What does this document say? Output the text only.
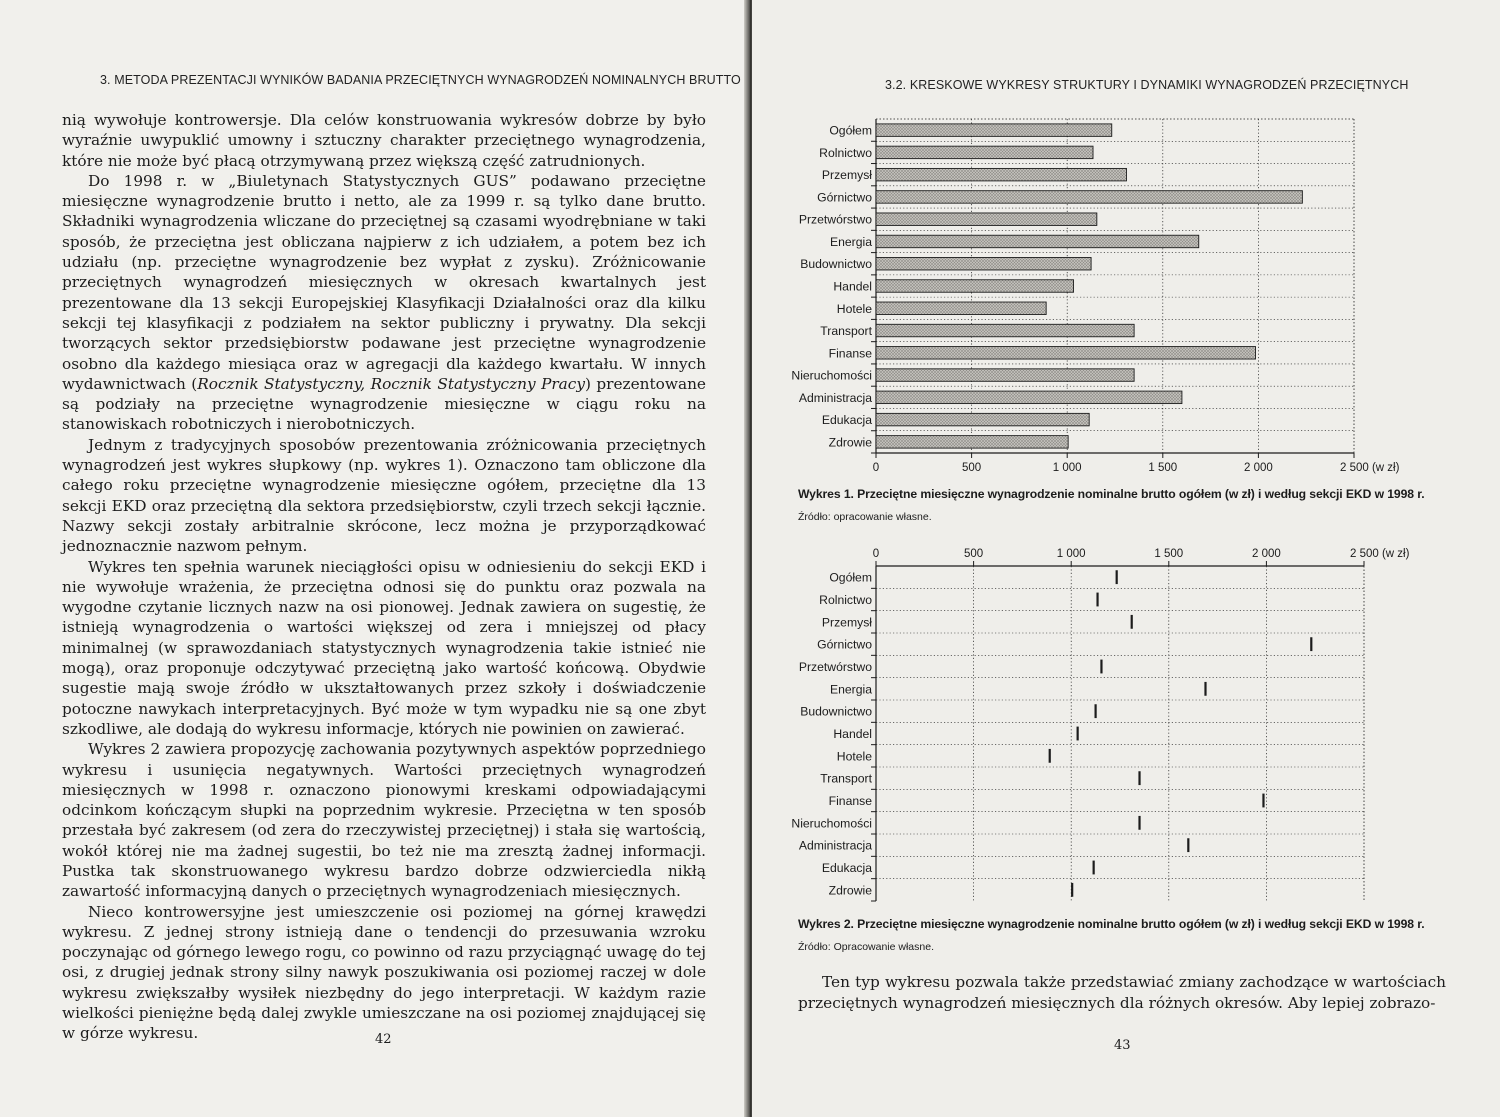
3. METODA PREZENTACJI WYNIKÓW BADANIA PRZECIĘTNYCH WYNAGRODZEŃ NOMINALNYCH BRUTTO

nią wywołuje kontrowersje. Dla celów konstruowania wykresów dobrze by było wyraźnie uwypuklić umowny i sztuczny charakter przeciętnego wynagrodzenia, które nie może być płacą otrzymywaną przez większą część zatrudnionych.

Do 1998 r. w „Biuletynach Statystycznych GUS” podawano przeciętne miesięczne wynagrodzenie brutto i netto, ale za 1999 r. są tylko dane brutto. Składniki wynagrodzenia wliczane do przeciętnej są czasami wyodrębniane w taki sposób, że przeciętna jest obliczana najpierw z ich udziałem, a potem bez ich udziału (np. przeciętne wynagrodzenie bez wypłat z zysku). Zróżnicowanie przeciętnych wynagrodzeń miesięcznych w okresach kwartalnych jest prezentowane dla 13 sekcji Europejskiej Klasyfikacji Działalności oraz dla kilku sekcji tej klasyfikacji z podziałem na sektor publiczny i prywatny. Dla sekcji tworzących sektor przedsiębiorstw podawane jest przeciętne wynagrodzenie osobno dla każdego miesiąca oraz w agregacji dla każdego kwartału. W innych wydawnictwach (Rocznik Statystyczny, Rocznik Statystyczny Pracy) prezentowane są podziały na przeciętne wynagrodzenie miesięczne w ciągu roku na stanowiskach robotniczych i nierobotniczych.

Jednym z tradycyjnych sposobów prezentowania zróżnicowania przeciętnych wynagrodzeń jest wykres słupkowy (np. wykres 1). Oznaczono tam obliczone dla całego roku przeciętne wynagrodzenie miesięczne ogółem, przeciętne dla 13 sekcji EKD oraz przeciętną dla sektora przedsiębiorstw, czyli trzech sekcji łącznie. Nazwy sekcji zostały arbitralnie skrócone, lecz można je przyporządkować jednoznacznie nazwom pełnym.

Wykres ten spełnia warunek nieciągłości opisu w odniesieniu do sekcji EKD i nie wywołuje wrażenia, że przeciętna odnosi się do punktu oraz pozwala na wygodne czytanie licznych nazw na osi pionowej. Jednak zawiera on sugestię, że istnieją wynagrodzenia o wartości większej od zera i mniejszej od płacy minimalnej (w sprawozdaniach statystycznych wynagrodzenia takie istnieć nie mogą), oraz proponuje odczytywać przeciętną jako wartość końcową. Obydwie sugestie mają swoje źródło w ukształtowanych przez szkoły i doświadczenie potoczne nawykach interpretacyjnych. Być może w tym wypadku nie są one zbyt szkodliwe, ale dodają do wykresu informacje, których nie powinien on zawierać.

Wykres 2 zawiera propozycję zachowania pozytywnych aspektów poprzedniego wykresu i usunięcia negatywnych. Wartości przeciętnych wynagrodzeń miesięcznych w 1998 r. oznaczono pionowymi kreskami odpowiadającymi odcinkom kończącym słupki na poprzednim wykresie. Przeciętna w ten sposób przestała być zakresem (od zera do rzeczywistej przeciętnej) i stała się wartością, wokół której nie ma żadnej sugestii, bo też nie ma zresztą żadnej informacji. Pustka tak skonstruowanego wykresu bardzo dobrze odzwierciedla nikłą zawartość informacyjną danych o przeciętnych wynagrodzeniach miesięcznych.

Nieco kontrowersyjne jest umieszczenie osi poziomej na górnej krawędzi wykresu. Z jednej strony istnieją dane o tendencji do przesuwania wzroku poczynając od górnego lewego rogu, co powinno od razu przyciągnąć uwagę do tej osi, z drugiej jednak strony silny nawyk poszukiwania osi poziomej raczej w dole wykresu zwiększałby wysiłek niezbędny do jego interpretacji. W każdym razie wielkości pieniężne będą dalej zwykle umieszczane na osi poziomej znajdującej się w górze wykresu.	42
3.2. KRESKOWE WYKRESY STRUKTURY I DYNAMIKI WYNAGRODZEŃ PRZECIĘTNYCH
0	500	1 000	1 500	2 000	2 500 (w zł)
Ogółem
Rolnictwo
Przemysł
Górnictwo
Przetwórstwo
Energia
Budownictwo
Handel
Hotele
Transport
Finanse
Nieruchomości
Administracja
Edukacja
Zdrowie
Wykres 1. Przeciętne miesięczne wynagrodzenie nominalne brutto ogółem (w zł) i według sekcji EKD w 1998 r.
Źródło: opracowanie własne.
0	500	1 000	1 500	2 000	2 500 (w zł)
Ogółem
Rolnictwo
Przemysł
Górnictwo
Przetwórstwo
Energia
Budownictwo
Handel
Hotele
Transport
Finanse
Nieruchomości
Administracja
Edukacja
Zdrowie
Wykres 2. Przeciętne miesięczne wynagrodzenie nominalne brutto ogółem (w zł) i według sekcji EKD w 1998 r.
Źródło: Opracowanie własne.

Ten typ wykresu pozwala także przedstawiać zmiany zachodzące w wartościach przeciętnych wynagrodzeń miesięcznych dla różnych okresów. Aby lepiej zobrazo-

43
